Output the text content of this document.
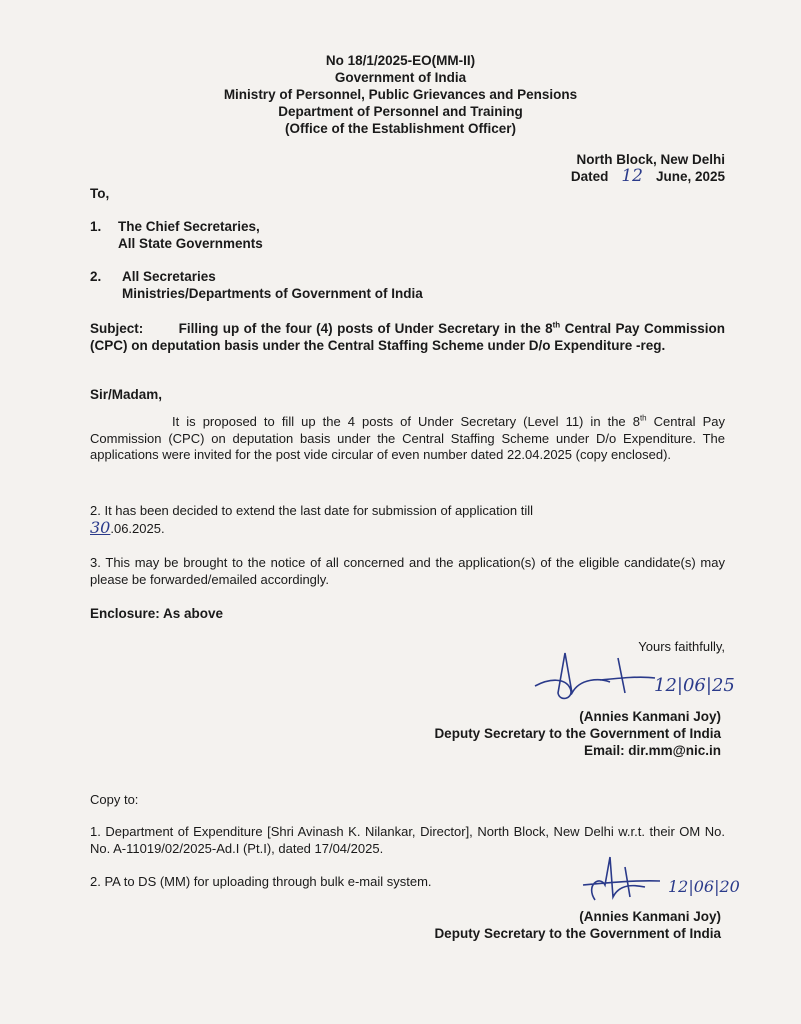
No 18/1/2025-EO(MM-II)
Government of India
Ministry of Personnel, Public Grievances and Pensions
Department of Personnel and Training
(Office of the Establishment Officer)
North Block, New Delhi
Dated 12 June, 2025
To,
1. The Chief Secretaries,
All State Governments
2. All Secretaries
Ministries/Departments of Government of India
Subject:	Filling up of the four (4) posts of Under Secretary in the 8th Central Pay Commission (CPC) on deputation basis under the Central Staffing Scheme under D/o Expenditure -reg.
Sir/Madam,
It is proposed to fill up the 4 posts of Under Secretary (Level 11) in the 8th Central Pay Commission (CPC) on deputation basis under the Central Staffing Scheme under D/o Expenditure. The applications were invited for the post vide circular of even number dated 22.04.2025 (copy enclosed).
2. It has been decided to extend the last date for submission of application till
30.06.2025.
3. This may be brought to the notice of all concerned and the application(s) of the eligible candidate(s) may please be forwarded/emailed accordingly.
Enclosure: As above
Yours faithfully,
12|06|25
(Annies Kanmani Joy)
Deputy Secretary to the Government of India
Email: dir.mm@nic.in
Copy to:
1. Department of Expenditure [Shri Avinash K. Nilankar, Director], North Block, New Delhi w.r.t. their OM No. No. A-11019/02/2025-Ad.I (Pt.I), dated 17/04/2025.
2. PA to DS (MM) for uploading through bulk e-mail system.	12|06|20
(Annies Kanmani Joy)
Deputy Secretary to the Government of India
